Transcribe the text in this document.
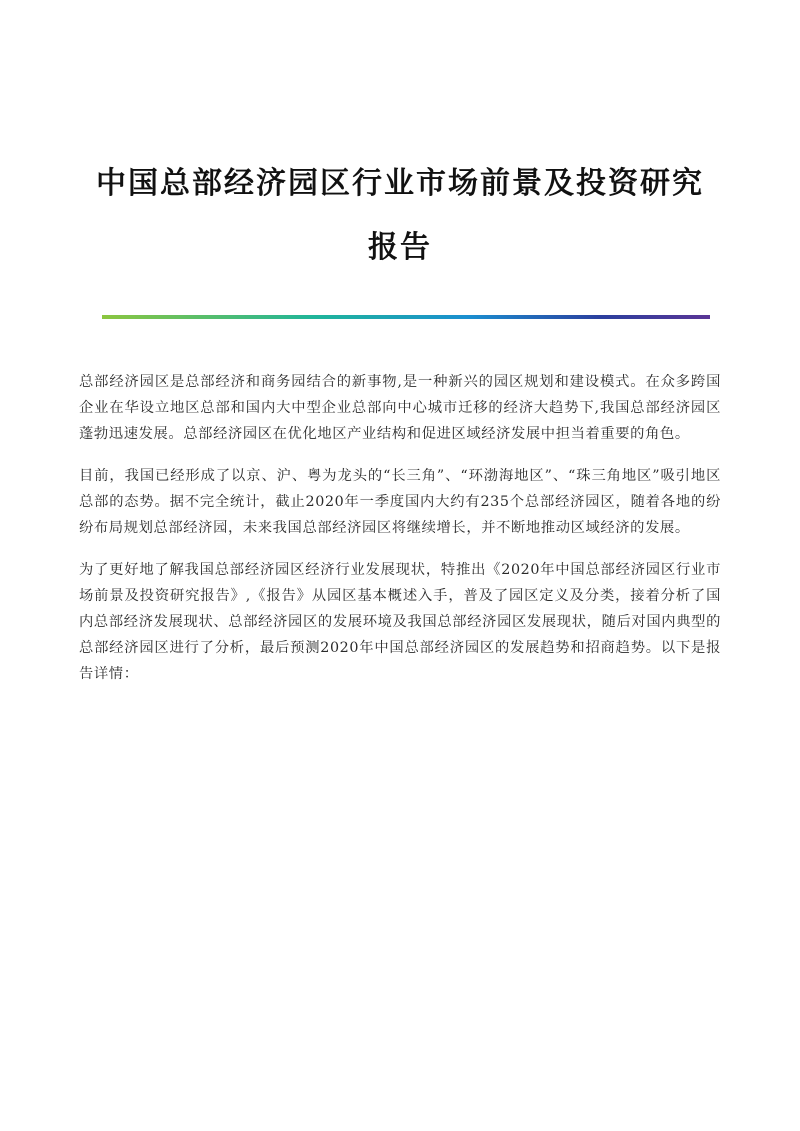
中国总部经济园区行业市场前景及投资研究
报告

总部经济园区是总部经济和商务园结合的新事物,是一种新兴的园区规划和建设模式。在众多跨国企业在华设立地区总部和国内大中型企业总部向中心城市迁移的经济大趋势下,我国总部经济园区蓬勃迅速发展。总部经济园区在优化地区产业结构和促进区域经济发展中担当着重要的角色。

目前，我国已经形成了以京、沪、粤为龙头的“长三角”、“环渤海地区”、“珠三角地区”吸引地区总部的态势。据不完全统计，截止2020年一季度国内大约有235个总部经济园区，随着各地的纷纷布局规划总部经济园，未来我国总部经济园区将继续增长，并不断地推动区域经济的发展。

为了更好地了解我国总部经济园区经济行业发展现状，特推出《2020年中国总部经济园区行业市场前景及投资研究报告》,《报告》从园区基本概述入手，普及了园区定义及分类，接着分析了国内总部经济发展现状、总部经济园区的发展环境及我国总部经济园区发展现状，随后对国内典型的总部经济园区进行了分析，最后预测2020年中国总部经济园区的发展趋势和招商趋势。以下是报告详情：
